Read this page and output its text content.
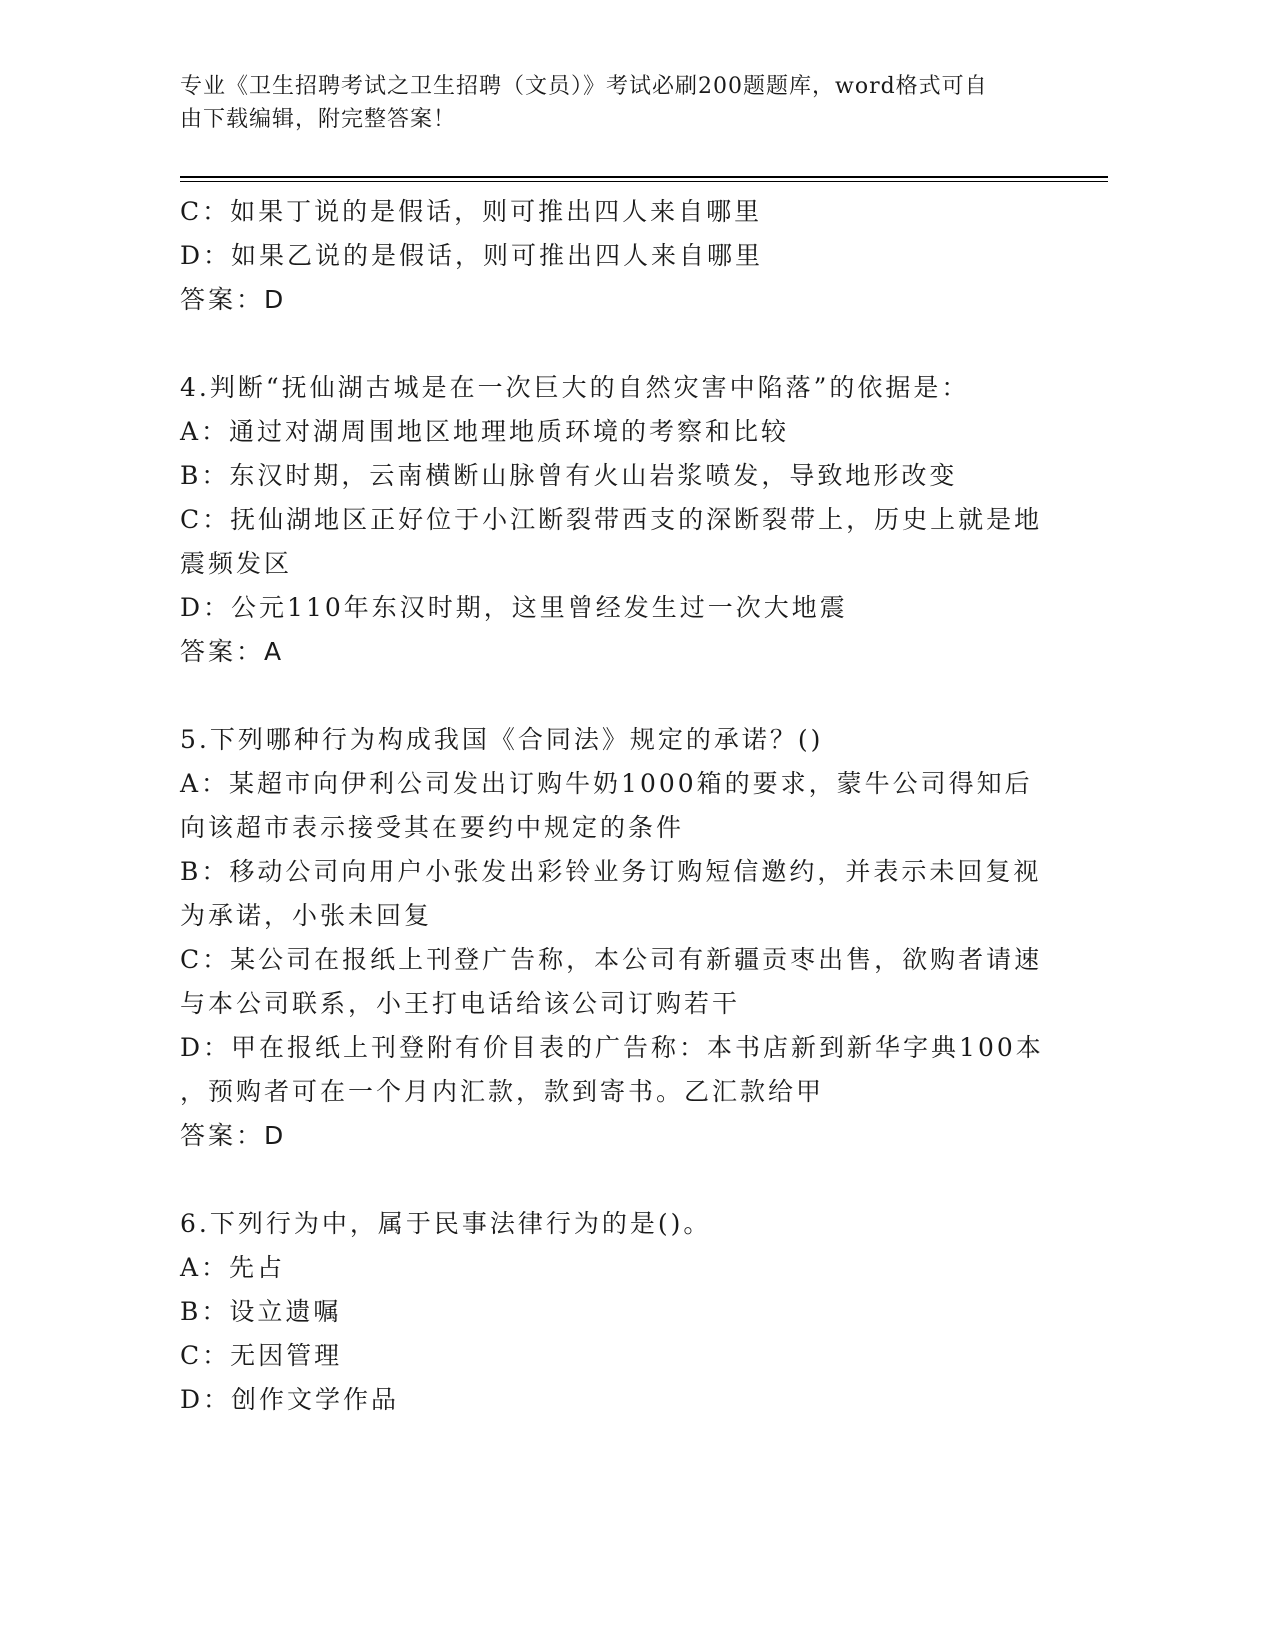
专业《卫生招聘考试之卫生招聘（文员）》考试必刷200题题库，word格式可自
由下载编辑，附完整答案！
C：如果丁说的是假话，则可推出四人来自哪里
D：如果乙说的是假话，则可推出四人来自哪里
答案：D
4.判断“抚仙湖古城是在一次巨大的自然灾害中陷落”的依据是：
A：通过对湖周围地区地理地质环境的考察和比较
B：东汉时期，云南横断山脉曾有火山岩浆喷发，导致地形改变
C：抚仙湖地区正好位于小江断裂带西支的深断裂带上，历史上就是地
震频发区
D：公元110年东汉时期，这里曾经发生过一次大地震
答案：A
5.下列哪种行为构成我国《合同法》规定的承诺？()
A：某超市向伊利公司发出订购牛奶1000箱的要求，蒙牛公司得知后
向该超市表示接受其在要约中规定的条件
B：移动公司向用户小张发出彩铃业务订购短信邀约，并表示未回复视
为承诺，小张未回复
C：某公司在报纸上刊登广告称，本公司有新疆贡枣出售，欲购者请速
与本公司联系，小王打电话给该公司订购若干
D：甲在报纸上刊登附有价目表的广告称：本书店新到新华字典100本
，预购者可在一个月内汇款，款到寄书。乙汇款给甲
答案：D
6.下列行为中，属于民事法律行为的是()。
A：先占
B：设立遗嘱
C：无因管理
D：创作文学作品
